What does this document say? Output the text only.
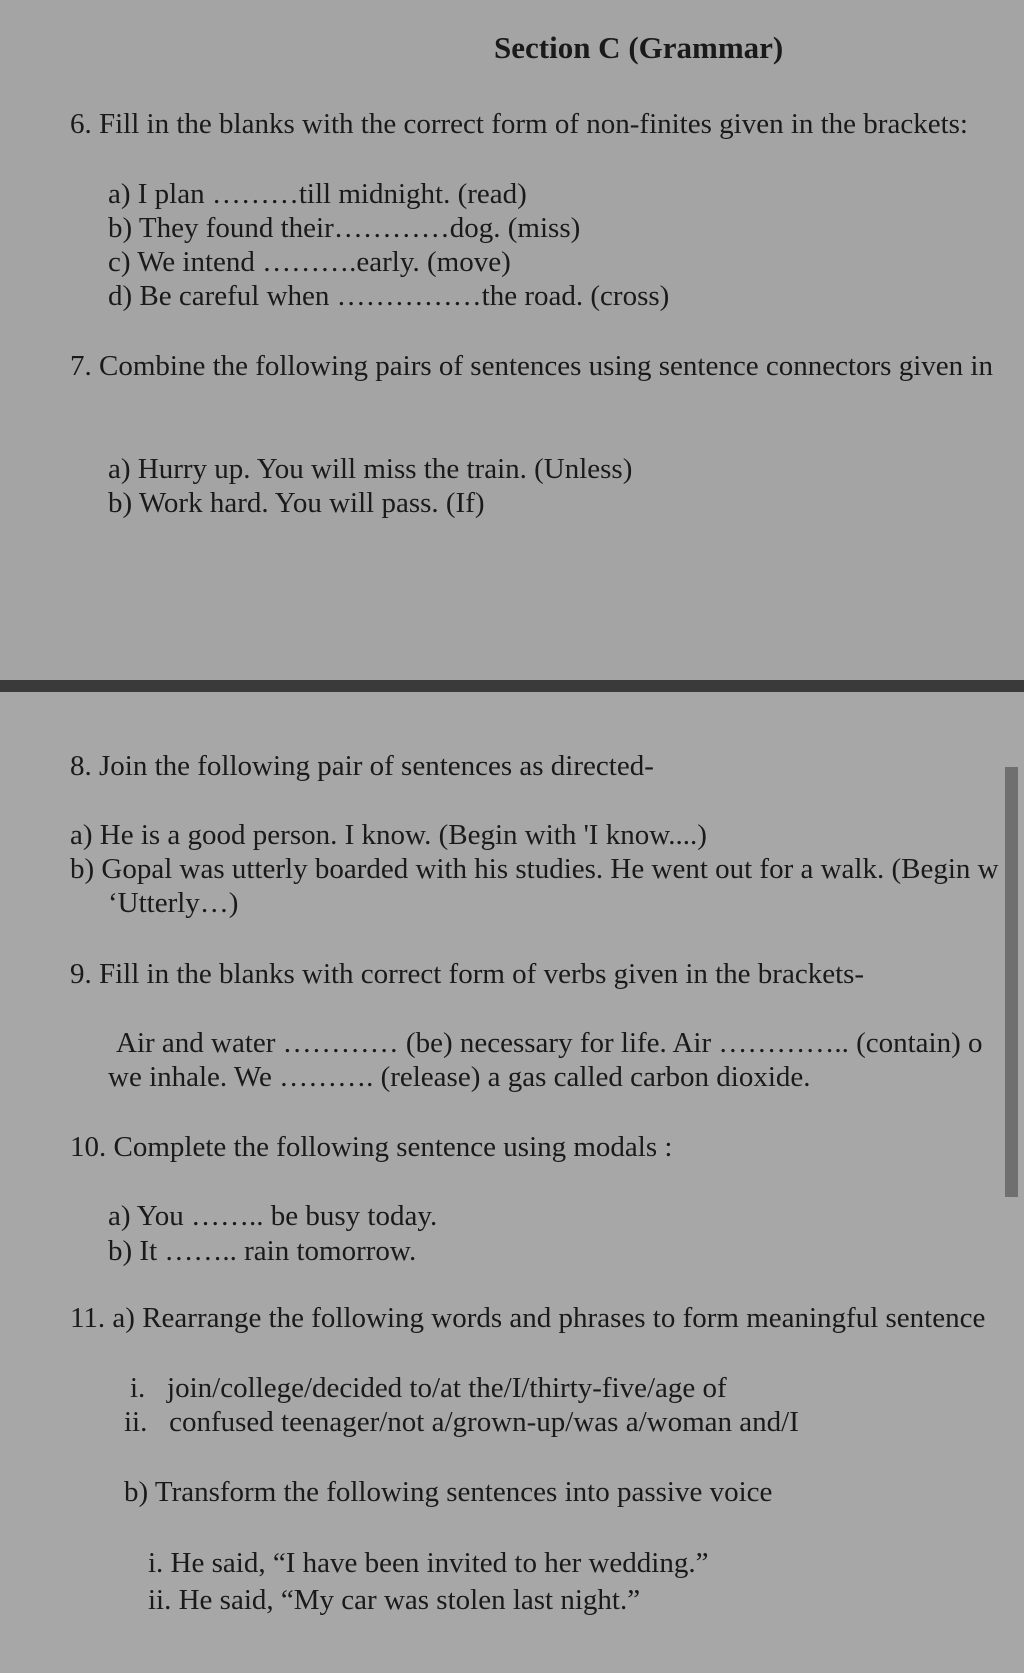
Section C (Grammar)
6. Fill in the blanks with the correct form of non-finites given in the brackets:
a) I plan ………till midnight. (read)
b) They found their…………dog. (miss)
c) We intend ……….early. (move)
d) Be careful when ……………the road. (cross)
7. Combine the following pairs of sentences using sentence connectors given in
a) Hurry up. You will miss the train. (Unless)
b) Work hard. You will pass. (If)
8. Join the following pair of sentences as directed-
a) He is a good person. I know. (Begin with 'I know....)
b) Gopal was utterly boarded with his studies. He went out for a walk. (Begin w
‘Utterly…)
9. Fill in the blanks with correct form of verbs given in the brackets-
Air and water ………… (be) necessary for life. Air ………….. (contain) o
we inhale. We ………. (release) a gas called carbon dioxide.
10. Complete the following sentence using modals :
a) You …….. be busy today.
b) It …….. rain tomorrow.
11. a) Rearrange the following words and phrases to form meaningful sentence
i.   join/college/decided to/at the/I/thirty-five/age of
ii.   confused teenager/not a/grown-up/was a/woman and/I
b) Transform the following sentences into passive voice
i. He said, “I have been invited to her wedding.”
ii. He said, “My car was stolen last night.”
